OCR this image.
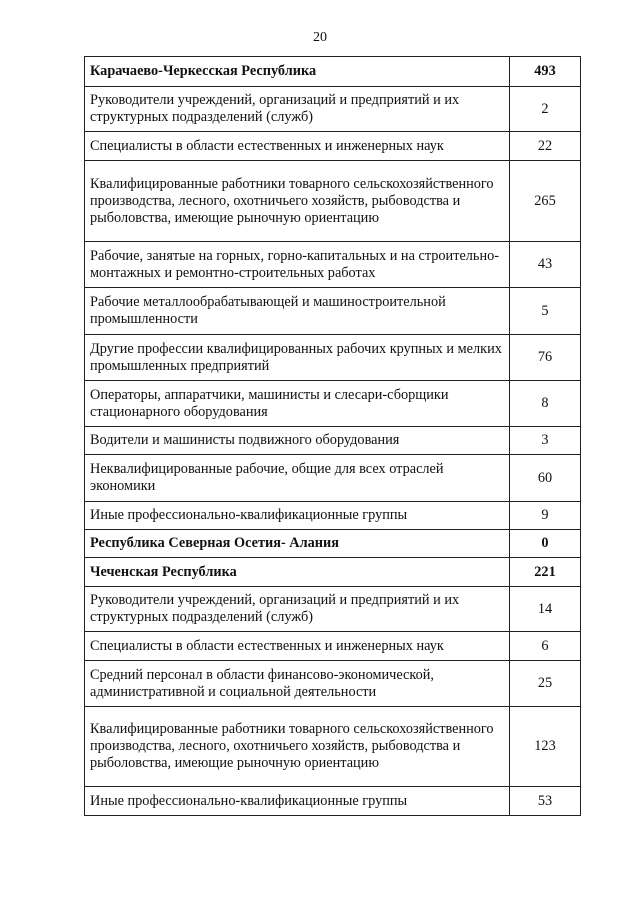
20
Карачаево-Черкесская Республика	493
Руководители учреждений, организаций и предприятий и их структурных подразделений (служб)	2
Специалисты в области естественных и инженерных наук	22
Квалифицированные работники товарного сельскохозяйственного производства, лесного, охотничьего хозяйств, рыбоводства и рыболовства, имеющие рыночную ориентацию	265
Рабочие, занятые на горных, горно-капитальных и на строительно-монтажных и ремонтно-строительных работах	43
Рабочие металлообрабатывающей и машиностроительной промышленности	5
Другие профессии квалифицированных рабочих крупных и мелких промышленных предприятий	76
Операторы, аппаратчики, машинисты и слесари-сборщики стационарного оборудования	8
Водители и машинисты подвижного оборудования	3
Неквалифицированные рабочие, общие для всех отраслей экономики	60
Иные профессионально-квалификационные группы	9
Республика Северная Осетия- Алания	0
Чеченская Республика	221
Руководители учреждений, организаций и предприятий и их структурных подразделений (служб)	14
Специалисты в области естественных и инженерных наук	6
Средний персонал в области финансово-экономической, административной и социальной деятельности	25
Квалифицированные работники товарного сельскохозяйственного производства, лесного, охотничьего хозяйств, рыбоводства и рыболовства, имеющие рыночную ориентацию	123
Иные профессионально-квалификационные группы	53
